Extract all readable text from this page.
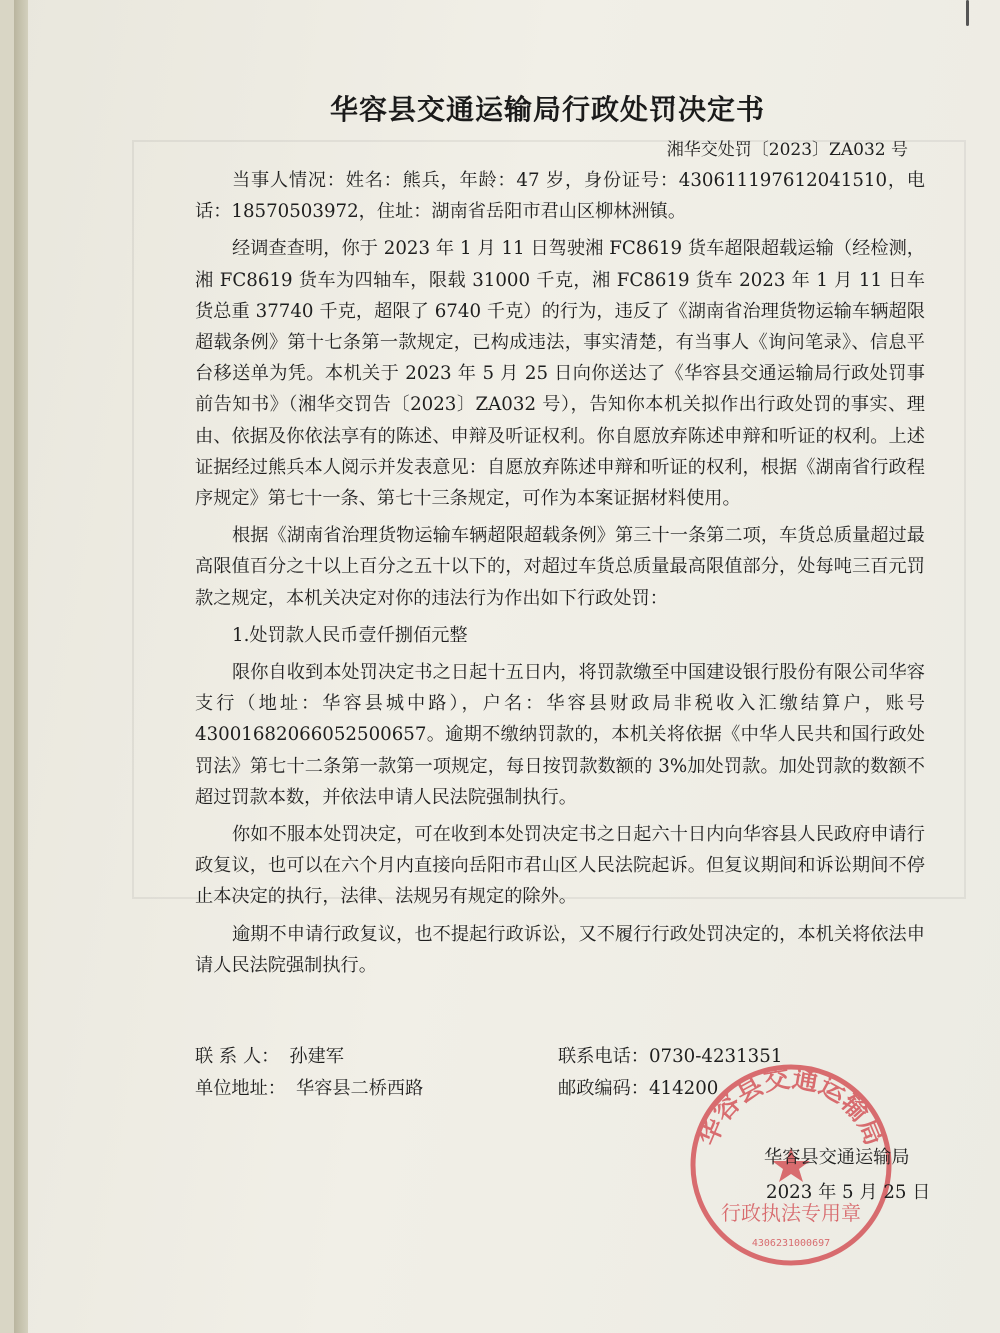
华容县交通运输局行政处罚决定书
湘华交处罚〔2023〕ZA032 号

当事人情况：姓名：熊兵，年龄：47 岁，身份证号：430611197612041510，电话：18570503972，住址：湖南省岳阳市君山区柳林洲镇。

经调查查明，你于 2023 年 1 月 11 日驾驶湘 FC8619 货车超限超载运输（经检测，湘 FC8619 货车为四轴车，限载 31000 千克，湘 FC8619 货车 2023 年 1 月 11 日车货总重 37740 千克，超限了 6740 千克）的行为，违反了《湖南省治理货物运输车辆超限超载条例》第十七条第一款规定，已构成违法，事实清楚，有当事人《询问笔录》、信息平台移送单为凭。本机关于 2023 年 5 月 25 日向你送达了《华容县交通运输局行政处罚事前告知书》（湘华交罚告〔2023〕ZA032 号），告知你本机关拟作出行政处罚的事实、理由、依据及你依法享有的陈述、申辩及听证权利。你自愿放弃陈述申辩和听证的权利。上述证据经过熊兵本人阅示并发表意见：自愿放弃陈述申辩和听证的权利，根据《湖南省行政程序规定》第七十一条、第七十三条规定，可作为本案证据材料使用。

根据《湖南省治理货物运输车辆超限超载条例》第三十一条第二项，车货总质量超过最高限值百分之十以上百分之五十以下的，对超过车货总质量最高限值部分，处每吨三百元罚款之规定，本机关决定对你的违法行为作出如下行政处罚：

1.处罚款人民币壹仟捌佰元整

限你自收到本处罚决定书之日起十五日内，将罚款缴至中国建设银行股份有限公司华容支行（地址：华容县城中路），户名：华容县财政局非税收入汇缴结算户，账号 43001682066052500657。逾期不缴纳罚款的，本机关将依据《中华人民共和国行政处罚法》第七十二条第一款第一项规定，每日按罚款数额的 3%加处罚款。加处罚款的数额不超过罚款本数，并依法申请人民法院强制执行。

你如不服本处罚决定，可在收到本处罚决定书之日起六十日内向华容县人民政府申请行政复议，也可以在六个月内直接向岳阳市君山区人民法院起诉。但复议期间和诉讼期间不停止本决定的执行，法律、法规另有规定的除外。

逾期不申请行政复议，也不提起行政诉讼，又不履行行政处罚决定的，本机关将依法申请人民法院强制执行。

联 系 人： 孙建军	联系电话：0730-4231351
单位地址： 华容县二桥西路	邮政编码：414200
华容县交通运输局
行政执法专用章
4306231000697
华容县交通运输局
2023 年 5 月 25 日
